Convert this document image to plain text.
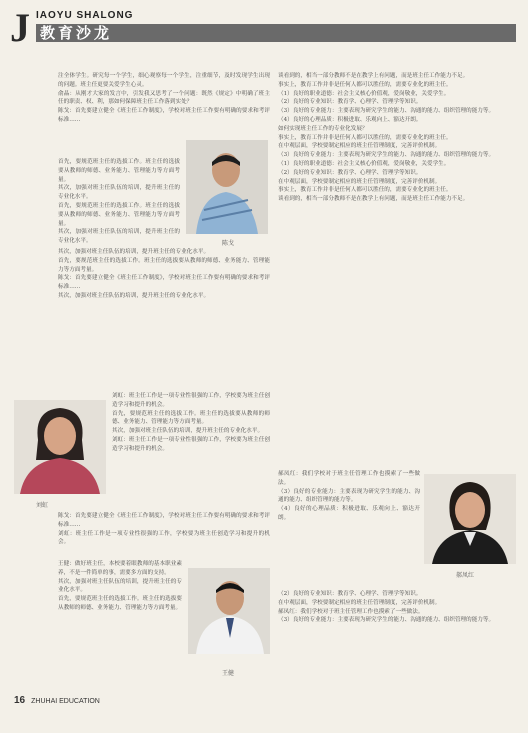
J IAOYU SHALONG
教育沙龙
注全体学生。研究每一个学生，细心观察每一个学生，注重细节，及时发现学生出现的问题。班主任更要关爱学生心灵。
俞晶：从刚才大家的发言中，引发我又思考了一个问题：既然《规定》中明确了班主任的职责、权、利，那如何保障班主任工作落到实处？
陈戈：首先要建立健全《班主任工作制度》，学校对班主任工作要有明确的要求和考评标准……
首先，要规范班主任的选拔工作。班主任的选拔要从教师的师德、业务能力、管理能力等方面考量。
其次，加强对班主任队伍的培训，提升班主任的专业化水平。
首先，要规范班主任的选拔工作。班主任的选拔要从教师的师德、业务能力、管理能力等方面考量。
其次，加强对班主任队伍的培训，提升班主任的专业化水平。	陈戈
其次，加强对班主任队伍的培训，提升班主任的专业化水平。
首先，要规范班主任的选拔工作。班主任的选拔要从教师的师德、业务能力、管理能力等方面考量。
陈戈：首先要建立健全《班主任工作制度》，学校对班主任工作要有明确的要求和考评标准……
其次，加强对班主任队伍的培训，提升班主任的专业化水平。
刘虹
刘虹：班主任工作是一项专业性很强的工作，学校要为班主任创造学习和提升的机会。
首先，要规范班主任的选拔工作。班主任的选拔要从教师的师德、业务能力、管理能力等方面考量。
其次，加强对班主任队伍的培训，提升班主任的专业化水平。
刘虹：班主任工作是一项专业性很强的工作，学校要为班主任创造学习和提升的机会。
陈戈：首先要建立健全《班主任工作制度》，学校对班主任工作要有明确的要求和考评标准……
刘虹：班主任工作是一项专业性很强的工作，学校要为班主任创造学习和提升的机会。
王健：做好班主任，本校要着眼教师的基本职业素养，不是一件简单的事，需要多方面的支持。
其次，加强对班主任队伍的培训，提升班主任的专业化水平。
首先，要规范班主任的选拔工作。班主任的选拔要从教师的师德、业务能力、管理能力等方面考量。
王健
谈看到的，相当一部分教师不是在教学上有问题，而是班主任工作能力不足。
事实上，教育工作并非是任何人都可以胜任的，需要专业化的班主任。
（1）良好的职业道德：社会主义核心价值观，爱岗敬业，关爱学生。
（2）良好的专业知识：教育学、心理学、管理学等知识。
（3）良好的专业能力：主要表现为研究学生的能力、沟通的能力、组织管理的能力等。
（4）良好的心理品质：积极进取、乐观向上、豁达开朗。
如何实现班主任工作的专业化发展？
事实上，教育工作并非是任何人都可以胜任的，需要专业化的班主任。
在中观层面，学校要制定相应的班主任管理制度，完善评价机制。
（3）良好的专业能力：主要表现为研究学生的能力、沟通的能力、组织管理的能力等。
（1）良好的职业道德：社会主义核心价值观，爱岗敬业，关爱学生。
（2）良好的专业知识：教育学、心理学、管理学等知识。
在中观层面，学校要制定相应的班主任管理制度，完善评价机制。
事实上，教育工作并非是任何人都可以胜任的，需要专业化的班主任。
谈看到的，相当一部分教师不是在教学上有问题，而是班主任工作能力不足。
郝凤红：我们学校对于班主任管理工作也摸索了一些做法。
（3）良好的专业能力：主要表现为研究学生的能力、沟通的能力、组织管理的能力等。
（4）良好的心理品质：积极进取、乐观向上、豁达开朗。
郝凤红
（2）良好的专业知识：教育学、心理学、管理学等知识。
在中观层面，学校要制定相应的班主任管理制度，完善评价机制。
郝凤红：我们学校对于班主任管理工作也摸索了一些做法。
（3）良好的专业能力：主要表现为研究学生的能力、沟通的能力、组织管理的能力等。
16 ZHUHAI EDUCATION
